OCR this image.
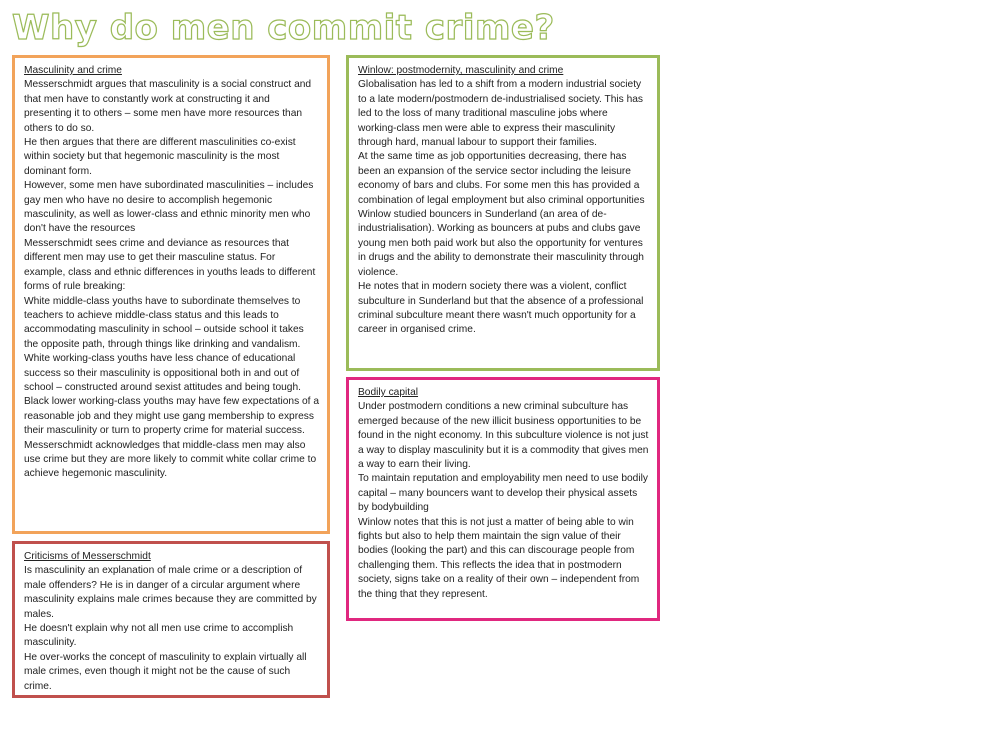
Why do men commit crime?

Masculinity and crime

Messerschmidt argues that masculinity is a social construct and that men have to constantly work at constructing it and presenting it to others – some men have more resources than others to do so.

He then argues that there are different masculinities co-exist within society but that hegemonic masculinity is the most dominant form.

However, some men have subordinated masculinities – includes gay men who have no desire to accomplish hegemonic masculinity, as well as lower-class and ethnic minority men who don't have the resources

Messerschmidt sees crime and deviance as resources that different men may use to get their masculine status. For example, class and ethnic differences in youths leads to different forms of rule breaking:

White middle-class youths have to subordinate themselves to teachers to achieve middle-class status and this leads to accommodating masculinity in school – outside school it takes the opposite path, through things like drinking and vandalism.

White working-class youths have less chance of educational success so their masculinity is oppositional both in and out of school – constructed around sexist attitudes and being tough.

Black lower working-class youths may have few expectations of a reasonable job and they might use gang membership to express their masculinity or turn to property crime for material success.

Messerschmidt acknowledges that middle-class men may also use crime but they are more likely to commit white collar crime to achieve hegemonic masculinity.

Criticisms of Messerschmidt

Is masculinity an explanation of male crime or a description of male offenders? He is in danger of a circular argument where masculinity explains male crimes because they are committed by males.

He doesn't explain why not all men use crime to accomplish masculinity.

He over-works the concept of masculinity to explain virtually all male crimes, even though it might not be the cause of such crime.

Winlow: postmodernity, masculinity and crime

Globalisation has led to a shift from a modern industrial society to a late modern/postmodern de-industrialised society. This has led to the loss of many traditional masculine jobs where working-class men were able to express their masculinity through hard, manual labour to support their families.

At the same time as job opportunities decreasing, there has been an expansion of the service sector including the leisure economy of bars and clubs. For some men this has provided a combination of legal employment but also criminal opportunities

Winlow studied bouncers in Sunderland (an area of de-industrialisation). Working as bouncers at pubs and clubs gave young men both paid work but also the opportunity for ventures in drugs and the ability to demonstrate their masculinity through violence.

He notes that in modern society there was a violent, conflict subculture in Sunderland but that the absence of a professional criminal subculture meant there wasn't much opportunity for a career in organised crime.

Bodily capital

Under postmodern conditions a new criminal subculture has emerged because of the new illicit business opportunities to be found in the night economy. In this subculture violence is not just a way to display masculinity but it is a commodity that gives men a way to earn their living.

To maintain reputation and employability men need to use bodily capital – many bouncers want to develop their physical assets by bodybuilding

Winlow notes that this is not just a matter of being able to win fights but also to help them maintain the sign value of their bodies (looking the part) and this can discourage people from challenging them. This reflects the idea that in postmodern society, signs take on a reality of their own – independent from the thing that they represent.
